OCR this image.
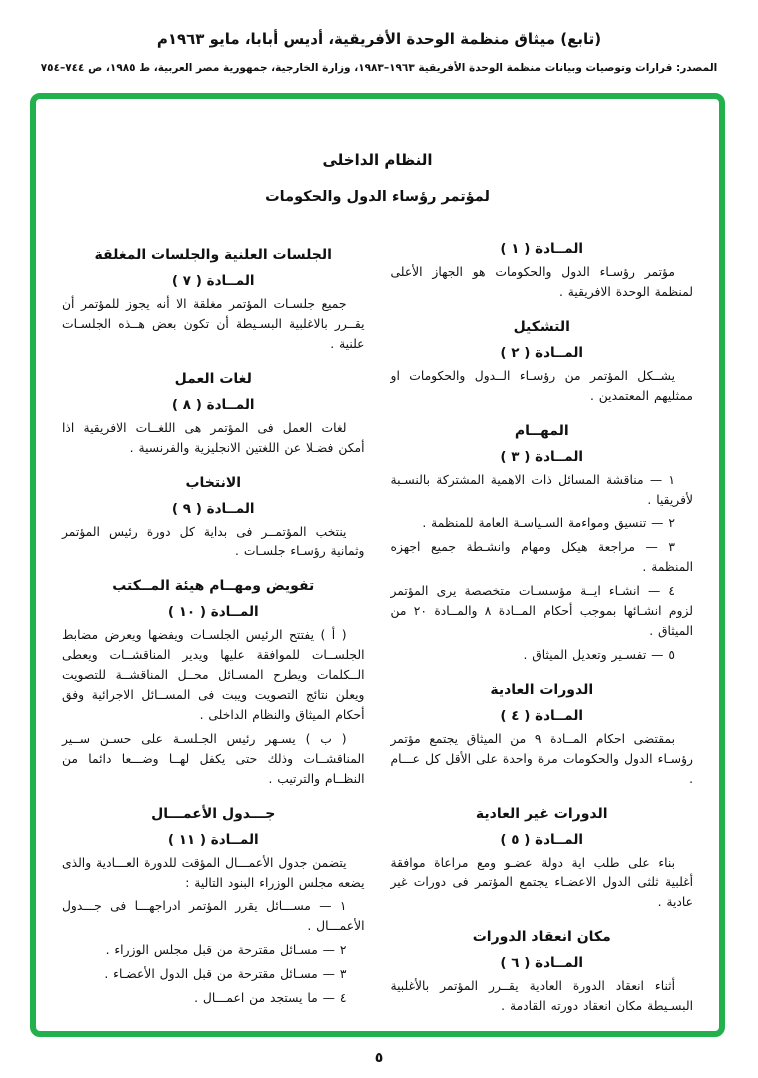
(تابع) ميثاق منظمة الوحدة الأفريقية، أديس أبابا، مايو ١٩٦٣م
المصدر: قرارات وتوصيات وبيانات منظمة الوحدة الأفريقية ١٩٦٣–١٩٨٣، وزارة الخارجية، جمهورية مصر العربية، ط ١٩٨٥، ص ٧٤٤–٧٥٤
النظام الداخلى
لمؤتمر رؤساء الدول والحكومات
المــادة ( ١ )

مؤتمر رؤسـاء الدول والحكومات هو الجهاز الأعلى لمنظمة الوحدة الافريقية .

التشكيل
المــادة ( ٢ )

يشــكل المؤتمر من رؤسـاء الــدول والحكومات او ممثليهم المعتمدين .

المهــام
المــادة ( ٣ )

١ — مناقشة المسائل ذات الاهمية المشتركة بالنسـبة لأفريقيا .

٢ — تنسيق ومواءمة السـياسـة العامة للمنظمة .

٣ — مراجعة هيكل ومهام وانشـطة جميع اجهزه المنظمة .

٤ — انشـاء ايــة مؤسسـات متخصصة يرى المؤتمر لزوم انشـائها بموجب أحكام المــادة ٨ والمــادة ٢٠ من الميثاق .

٥ — تفسـير وتعديل الميثاق .

الدورات العادية
المــادة ( ٤ )

بمقتضى احكام المــادة ٩ من الميثاق يجتمع مؤتمر رؤسـاء الدول والحكومات مرة واحدة على الأقل كل عـــام .

الدورات غير العادية
المــادة ( ٥ )

بناء على طلب اية دولة عضـو ومع مراعاة موافقة أغلبية ثلثى الدول الاعضـاء يجتمع المؤتمر فى دورات غير عادية .

مكان انعقاد الدورات
المــادة ( ٦ )

أثناء انعقاد الدورة العادية يقــرر المؤتمر بالأغلبية البسـيطة مكان انعقاد دورته القادمة .

الجلسات العلنية والجلسات المغلقة
المــادة ( ٧ )

جميع جلسـات المؤتمر مغلقة الا أنه يجوز للمؤتمر أن يقــرر بالاغلبية البسـيطة أن تكون بعض هــذه الجلسـات علنية .

لغات العمل
المــادة ( ٨ )

لغات العمل فى المؤتمر هى اللغــات الافريقية اذا أمكن فضـلا عن اللغتين الانجليزية والفرنسية .

الانتخاب
المــادة ( ٩ )

ينتخب المؤتمــر فى بداية كل دورة رئيس المؤتمر وثمانية رؤسـاء جلسـات .

تفويض ومهــام هيئة المــكتب
المــادة ( ١٠ )

( أ ) يفتتح الرئيس الجلسـات ويفضها ويعرض مضابط الجلســات للموافقة عليها ويدير المناقشــات ويعطى الــكلمات ويطرح المسـائل محــل المناقشــة للتصويت ويعلن نتائج التصويت ويبت فى المســائل الاجرائية وفق أحكام الميثاق والنظام الداخلى .

( ب ) يسـهر رئيس الجـلسـة على حسـن ســير المناقشــات وذلك حتى يكفل لهــا وضـــعا دائما من النظــام والترتيب .

جـــدول الأعمـــال
المــادة ( ١١ )

يتضمن جدول الأعمـــال المؤقت للدورة العـــادية والذى يضعه مجلس الوزراء البنود التالية :

١ — مســـائل يقرر المؤتمر ادراجهـــا فى جـــدول الأعمـــال .

٢ — مسـائل مقترحة من قبل مجلس الوزراء .

٣ — مسـائل مقترحة من قبل الدول الأعضـاء .

٤ — ما يستجد من اعمـــال .

٥
